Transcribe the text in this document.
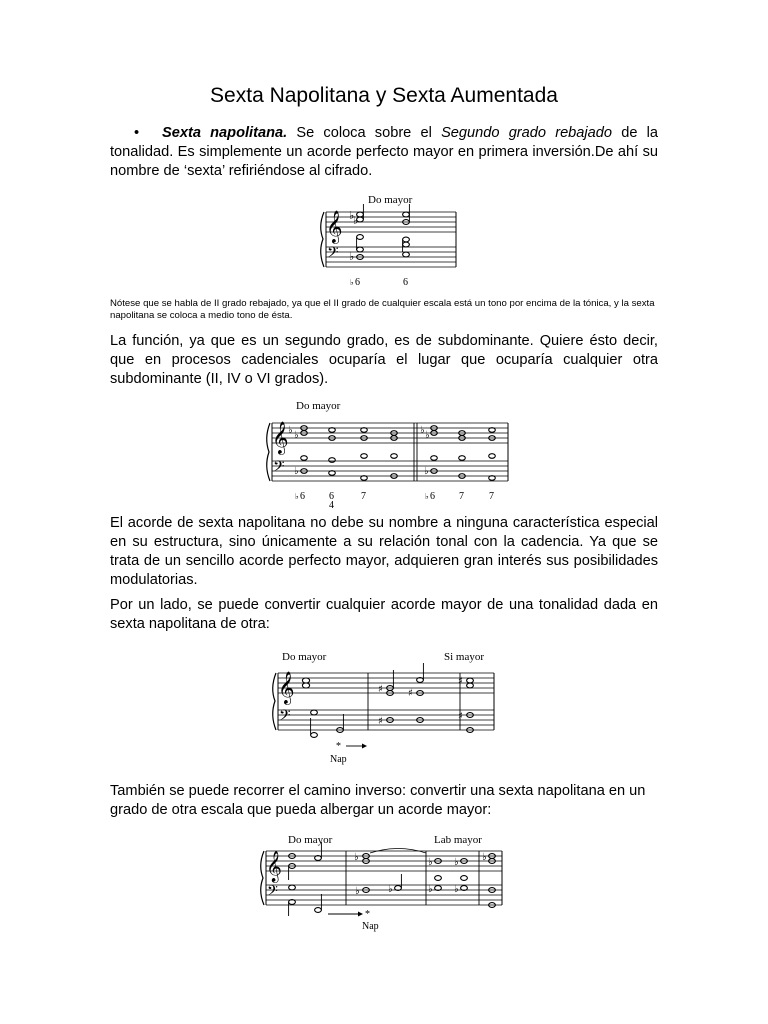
Sexta Napolitana y Sexta Aumentada
• Sexta napolitana. Se coloca sobre el Segundo grado rebajado de la tonalidad. Es simplemente un acorde perfecto mayor en primera inversión.De ahí su nombre de ‘sexta’ refiriéndose al cifrado.
Do mayor
𝄞
𝄢
♭
♭
♭
♭ 6	6
Nótese que se habla de II grado rebajado, ya que el II grado de cualquier escala está un tono por encima de la tónica, y la sexta napolitana se coloca a medio tono de ésta.
La función, ya que es un segundo grado, es de subdominante. Quiere ésto decir, que en procesos cadenciales ocuparía el lugar que ocuparía cualquier otra subdominante (II, IV o VI grados).
Do mayor
𝄞
𝄢
♭ ♭
♭
♭ ♭
♭
♭ 6 6
4
7	♭ 6 7	7
El acorde de sexta napolitana no debe su nombre a ninguna característica especial en su estructura, sino únicamente a su relación tonal con la cadencia. Ya que se trata de un sencillo acorde perfecto mayor, adquieren gran interés sus posibilidades modulatorias.
Por un lado, se puede convertir cualquier acorde mayor de una tonalidad dada en sexta napolitana de otra:
Do mayor	Si mayor
𝄞
𝄢
♯	♯
♯
♯
♯
*
Nap
También se puede recorrer el camino inverso: convertir una sexta napolitana en un grado de otra escala que pueda albergar un acorde mayor:
Do mayor	Lab mayor
𝄞
𝄢
♭
♭	♭
♭
♭
♭
♭
♭
*
Nap
